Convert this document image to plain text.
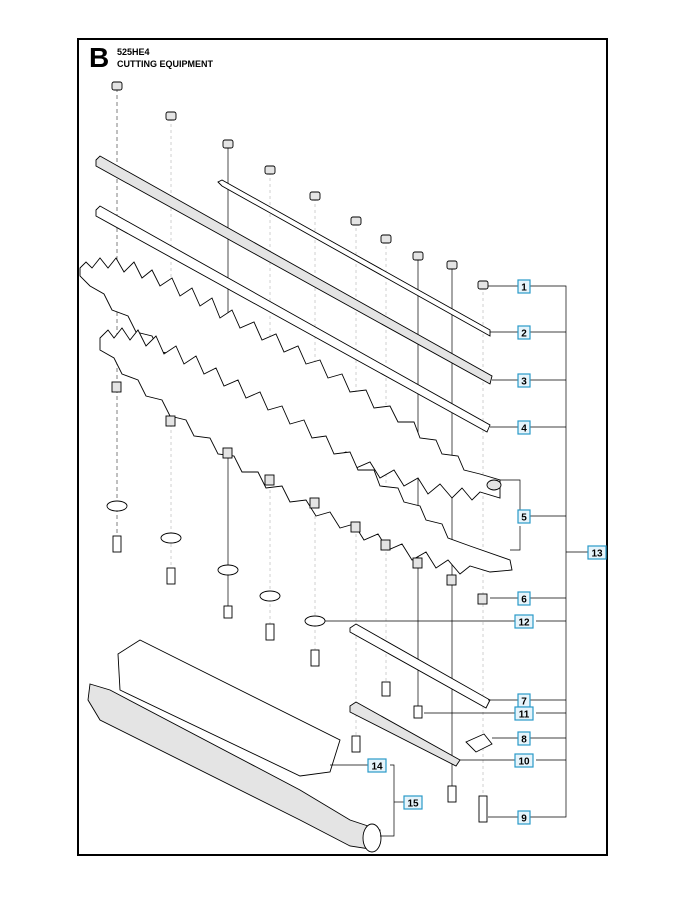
B 525HE4
CUTTING EQUIPMENT
1
2
3
4
5
6
12
7
11
8
10
9
13
14
15
